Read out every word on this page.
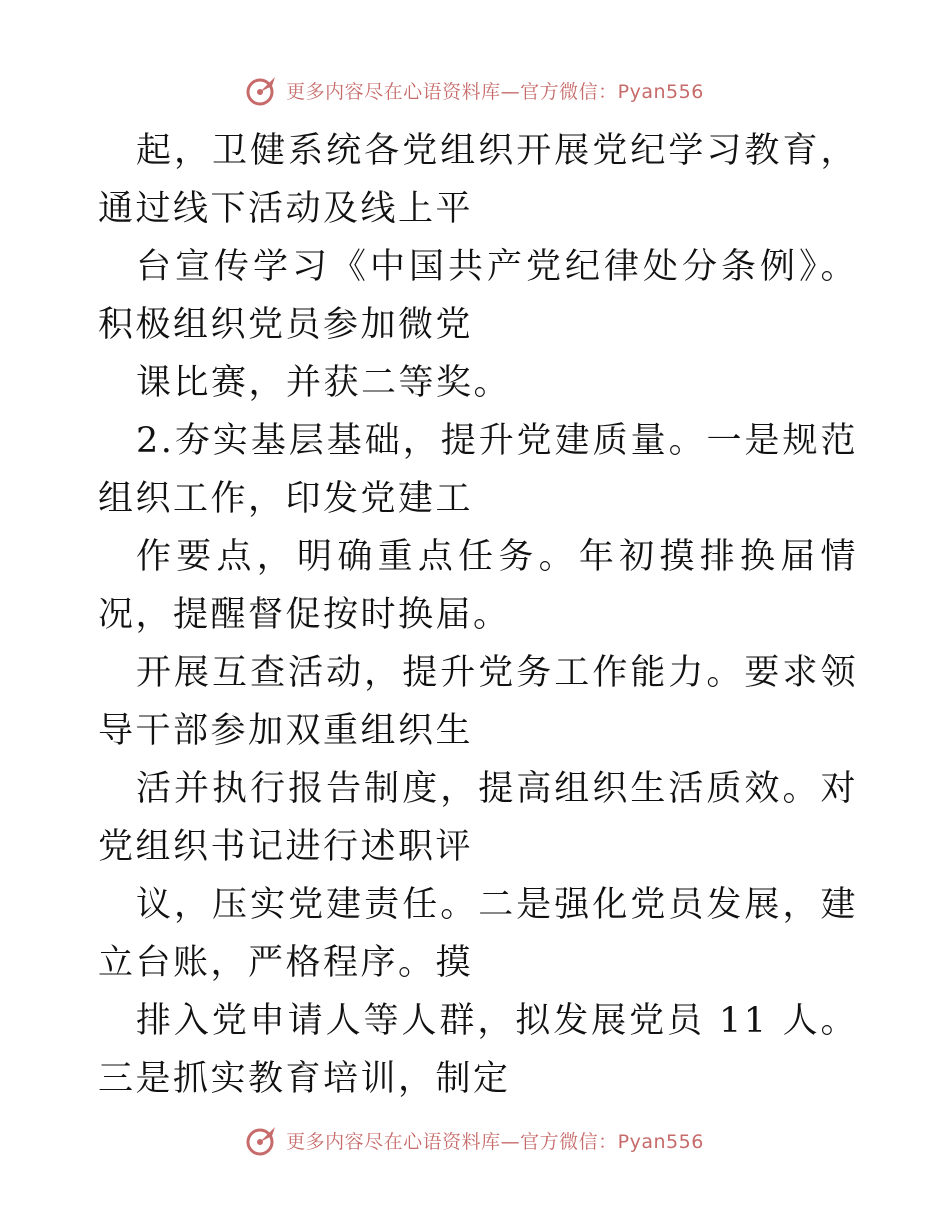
更多内容尽在心语资料库—官方微信：Pyan556

起，卫健系统各党组织开展党纪学习教育，通过线下活动及线上平

台宣传学习《中国共产党纪律处分条例》。积极组织党员参加微党

课比赛，并获二等奖。

2.夯实基层基础，提升党建质量。一是规范组织工作，印发党建工

作要点，明确重点任务。年初摸排换届情况，提醒督促按时换届。

开展互查活动，提升党务工作能力。要求领导干部参加双重组织生

活并执行报告制度，提高组织生活质效。对党组织书记进行述职评

议，压实党建责任。二是强化党员发展，建立台账，严格程序。摸

排入党申请人等人群，拟发展党员 11 人。三是抓实教育培训，制定

更多内容尽在心语资料库—官方微信：Pyan556
